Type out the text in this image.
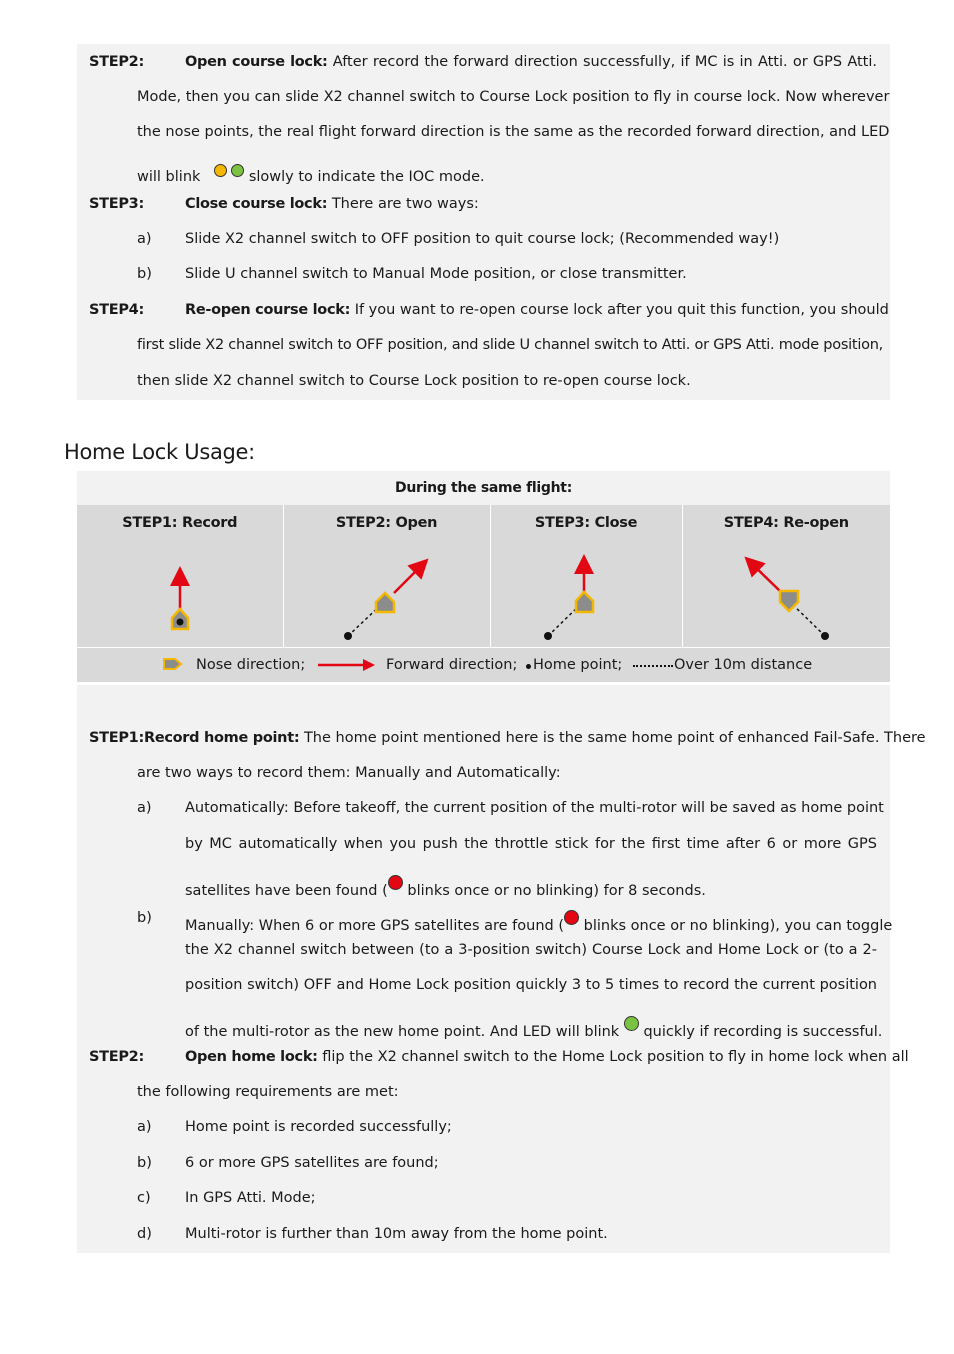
STEP2:	Open course lock: After record the forward direction successfully, if MC is in Atti. or GPS Atti.
Mode, then you can slide X2 channel switch to Course Lock position to fly in course lock. Now wherever
the nose points, the real flight forward direction is the same as the recorded forward direction, and LED
will blink	slowly to indicate the IOC mode.
STEP3:	Close course lock: There are two ways:
a) Slide X2 channel switch to OFF position to quit course lock; (Recommended way!)
b) Slide U channel switch to Manual Mode position, or close transmitter.
STEP4:	Re-open course lock: If you want to re-open course lock after you quit this function, you should
first slide X2 channel switch to OFF position, and slide U channel switch to Atti. or GPS Atti. mode position,
then slide X2 channel switch to Course Lock position to re-open course lock.
Home Lock Usage:
During the same flight:

STEP1: Record	STEP2: Open	STEP3: Close	STEP4: Re-open

Nose direction;	Forward direction; Home point;	Over 10m distance
STEP1:Record home point: The home point mentioned here is the same home point of enhanced Fail-Safe. There
are two ways to record them: Manually and Automatically:
a) Automatically: Before takeoff, the current position of the multi-rotor will be saved as home point
by MC automatically when you push the throttle stick for the first time after 6 or more GPS
satellites have been found ( blinks once or no blinking) for 8 seconds.
b) Manually: When 6 or more GPS satellites are found ( blinks once or no blinking), you can toggle
the X2 channel switch between (to a 3-position switch) Course Lock and Home Lock or (to a 2-
position switch) OFF and Home Lock position quickly 3 to 5 times to record the current position
of the multi-rotor as the new home point. And LED will blink quickly if recording is successful.
STEP2:	Open home lock: flip the X2 channel switch to the Home Lock position to fly in home lock when all
the following requirements are met:
a) Home point is recorded successfully;
b) 6 or more GPS satellites are found;
c) In GPS Atti. Mode;
d) Multi-rotor is further than 10m away from the home point.
